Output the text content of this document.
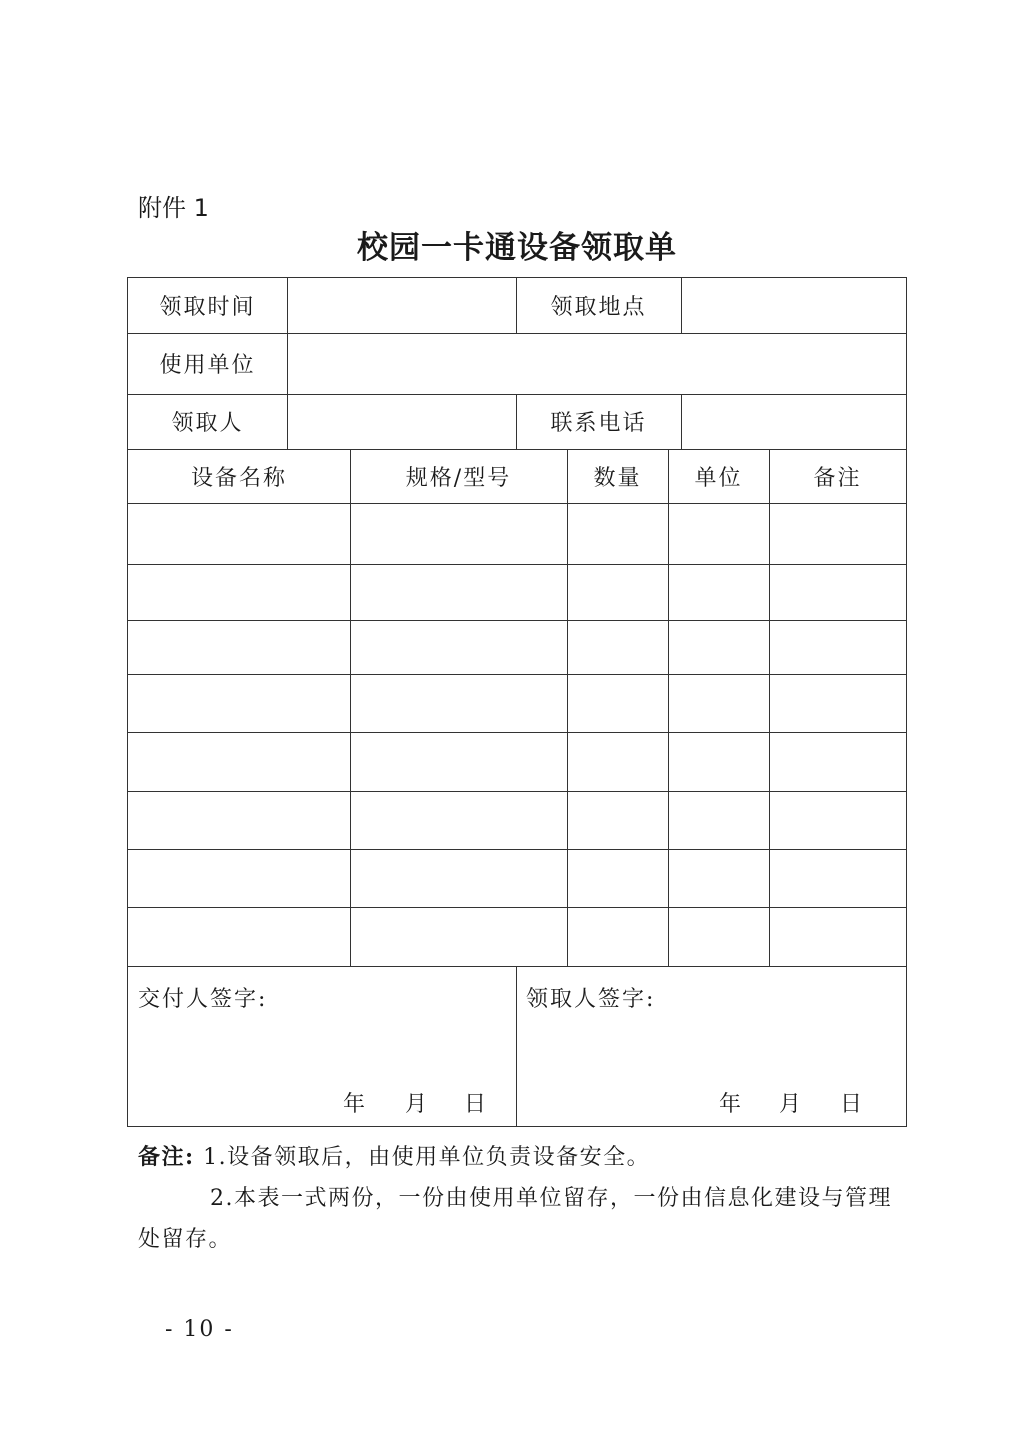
附件 1
校园一卡通设备领取单
领取时间	领取地点
使用单位
领取人	联系电话
设备名称	规格/型号	数量	单位	备注
交付人签字:	领取人签字:
年 月 日	年 月 日
备注: 1.设备领取后，由使用单位负责设备安全。
2.本表一式两份，一份由使用单位留存，一份由信息化建设与管理
处留存。
- 10 -
